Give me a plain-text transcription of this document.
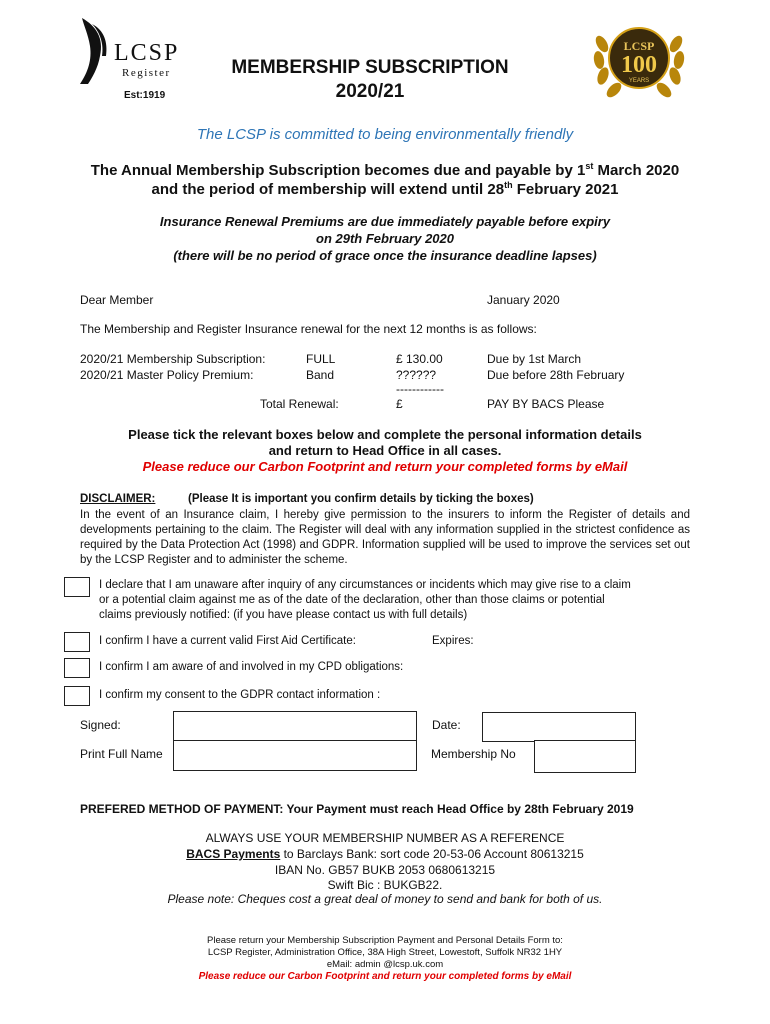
LCSP
Register
Est:1919
MEMBERSHIP SUBSCRIPTION
2020/21
LCSP
100
YEARS
The LCSP is committed to being environmentally friendly
The Annual Membership Subscription becomes due and payable by 1st March 2020
and the period of membership will extend until 28th February 2021
Insurance Renewal Premiums are due immediately payable before expiry
on 29th February 2020
(there will be no period of grace once the insurance deadline lapses)
Dear Member	January 2020
The Membership and Register Insurance renewal for the next 12 months is as follows:
2020/21 Membership Subscription:	FULL	£ 130.00	Due by 1st March
2020/21 Master Policy Premium:	Band	??????	Due before 28th February
------------
Total Renewal:	£	PAY BY BACS Please
Please tick the relevant boxes below and complete the personal information details
and return to Head Office in all cases.
Please reduce our Carbon Footprint and return your completed forms by eMail
DISCLAIMER:	(Please It is important you confirm details by ticking the boxes)
In the event of an Insurance claim, I hereby give permission to the insurers to inform the Register of details and developments pertaining to the claim. The Register will deal with any information supplied in the strictest confidence as required by the Data Protection Act (1998) and GDPR. Information supplied will be used to improve the services set out by the LCSP Register and to administer the scheme.
I declare that I am unaware after inquiry of any circumstances or incidents which may give rise to a claim
or a potential claim against me as of the date of the declaration, other than those claims or potential
claims previously notified: (if you have please contact us with full details)
I confirm I have a current valid First Aid Certificate:	Expires:
I confirm I am aware of and involved in my CPD obligations:
I confirm my consent to the GDPR contact information :
Signed:	Date:
Print Full Name	Membership No
PREFERED METHOD OF PAYMENT: Your Payment must reach Head Office by 28th February 2019
ALWAYS USE YOUR MEMBERSHIP NUMBER AS A REFERENCE
BACS Payments to Barclays Bank: sort code 20-53-06 Account 80613215
IBAN No. GB57 BUKB 2053 0680613215
Swift Bic : BUKGB22.
Please note: Cheques cost a great deal of money to send and bank for both of us.
Please return your Membership Subscription Payment and Personal Details Form to:
LCSP Register, Administration Office, 38A High Street, Lowestoft, Suffolk NR32 1HY
eMail: admin @lcsp.uk.com
Please reduce our Carbon Footprint and return your completed forms by eMail
